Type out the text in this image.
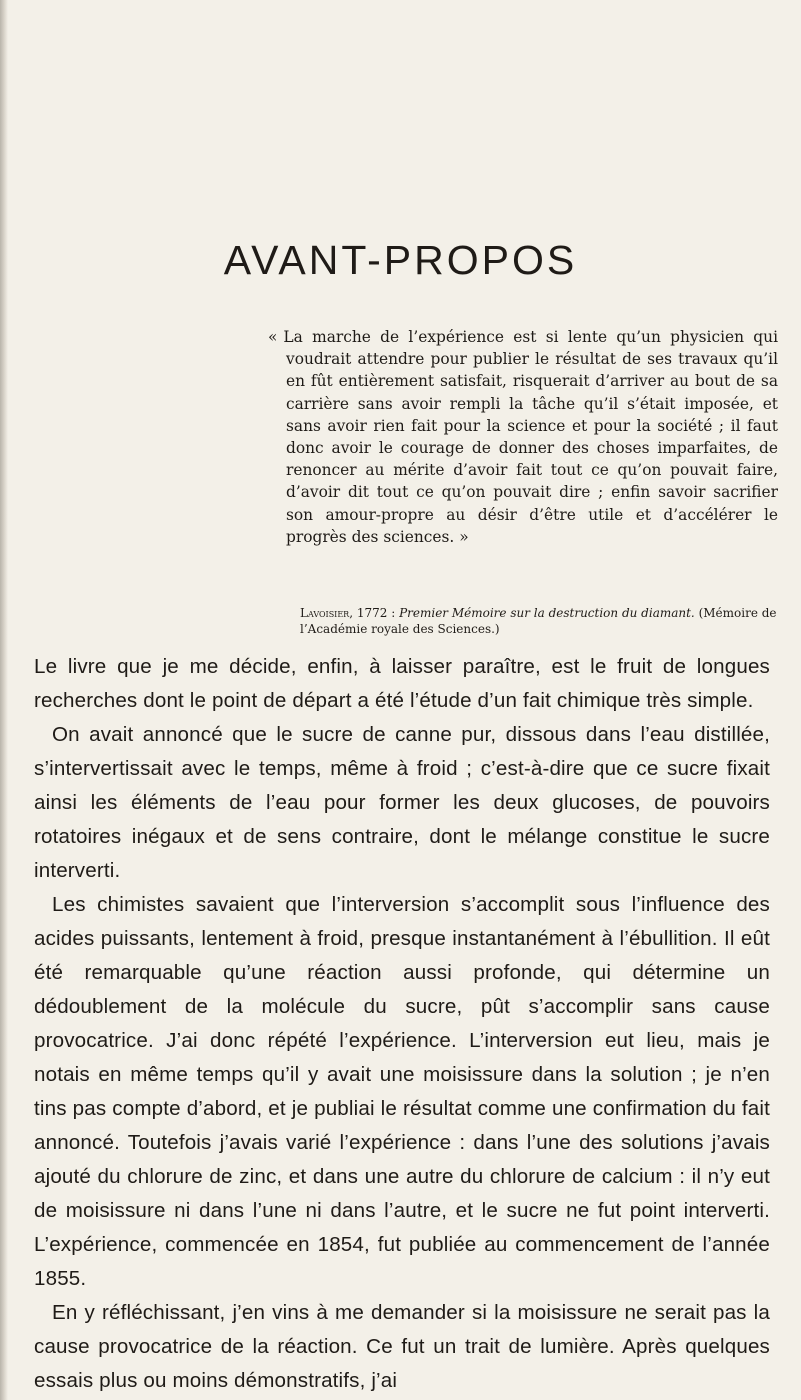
AVANT-PROPOS

« La marche de l’expérience est si lente qu’un physicien qui voudrait attendre pour publier le résultat de ses travaux qu’il en fût entièrement satisfait, risquerait d’arriver au bout de sa carrière sans avoir rempli la tâche qu’il s’était imposée, et sans avoir rien fait pour la science et pour la société ; il faut donc avoir le courage de donner des choses imparfaites, de renoncer au mérite d’avoir fait tout ce qu’on pouvait faire, d’avoir dit tout ce qu’on pouvait dire ; enfin savoir sacrifier son amour-propre au désir d’être utile et d’accélérer le progrès des sciences. »

Lavoisier, 1772 : Premier Mémoire sur la destruction du diamant. (Mémoire de l’Académie royale des Sciences.)

Le livre que je me décide, enfin, à laisser paraître, est le fruit de longues recherches dont le point de départ a été l’étude d’un fait chimique très simple.

On avait annoncé que le sucre de canne pur, dissous dans l’eau distillée, s’intervertissait avec le temps, même à froid ; c’est-à-dire que ce sucre fixait ainsi les éléments de l’eau pour former les deux glucoses, de pouvoirs rotatoires inégaux et de sens contraire, dont le mélange constitue le sucre interverti.

Les chimistes savaient que l’interversion s’accomplit sous l’influence des acides puissants, lentement à froid, presque instantanément à l’ébullition. Il eût été remarquable qu’une réaction aussi profonde, qui détermine un dédoublement de la molécule du sucre, pût s’accomplir sans cause provocatrice. J’ai donc répété l’expérience. L’interversion eut lieu, mais je notais en même temps qu’il y avait une moisissure dans la solution ; je n’en tins pas compte d’abord, et je publiai le résultat comme une confirmation du fait annoncé. Toutefois j’avais varié l’expérience : dans l’une des solutions j’avais ajouté du chlorure de zinc, et dans une autre du chlorure de calcium : il n’y eut de moisissure ni dans l’une ni dans l’autre, et le sucre ne fut point interverti. L’expérience, commencée en 1854, fut publiée au commencement de l’année 1855.

En y réfléchissant, j’en vins à me demander si la moisissure ne serait pas la cause provocatrice de la réaction. Ce fut un trait de lumière. Après quelques essais plus ou moins démonstratifs, j’ai
